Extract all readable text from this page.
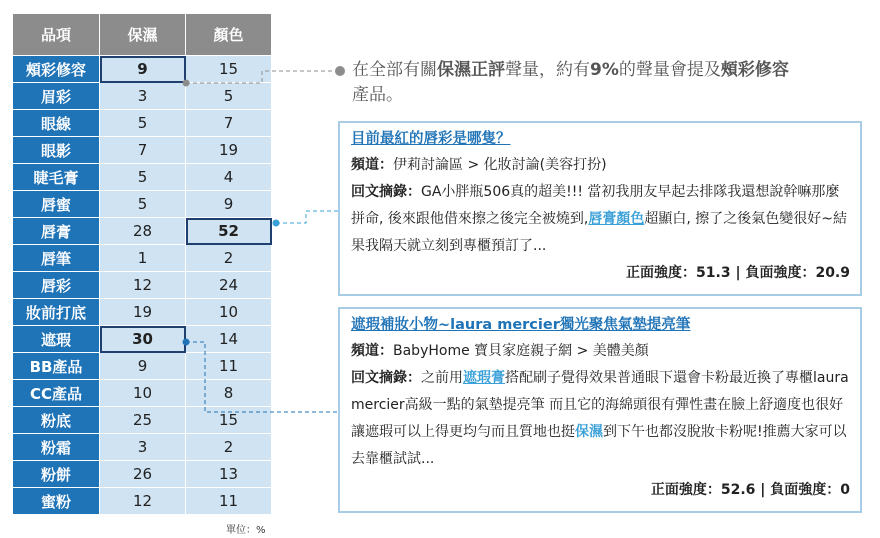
品項	保濕	顏色
頰彩修容	9	15
眉彩	3	5
眼線	5	7
眼影	7	19
睫毛膏	5	4
唇蜜	5	9
唇膏	28	52
唇筆	1	2
唇彩	12	24
妝前打底	19	10
遮瑕	30	14
BB產品	9	11
CC產品	10	8
粉底	25	15
粉霜	3	2
粉餅	26	13
蜜粉	12	11
單位：%
在全部有關保濕正評聲量，約有9%的聲量會提及頰彩修容
產品。
目前最紅的唇彩是哪隻？
頻道：伊莉討論區 > 化妝討論(美容打扮)
回文摘錄：GA小胖瓶506真的超美!!! 當初我朋友早起去排隊我還想說幹嘛那麼拼命, 後來跟他借來擦之後完全被燒到,唇膏顏色超顯白, 擦了之後氣色變很好~結果我隔天就立刻到專櫃預訂了...
正面強度：51.3 | 負面強度：20.9
遮瑕補妝小物~laura mercier獨光聚焦氣墊提亮筆
頻道：BabyHome 寶貝家庭親子網 > 美體美顏
回文摘錄：之前用遮瑕膏搭配刷子覺得效果普通眼下還會卡粉最近換了專櫃laura mercier高級一點的氣墊提亮筆 而且它的海綿頭很有彈性畫在臉上舒適度也很好讓遮瑕可以上得更均勻而且質地也挺保濕到下午也都沒脫妝卡粉呢!推薦大家可以去靠櫃試試...
正面強度：52.6 | 負面強度：0
